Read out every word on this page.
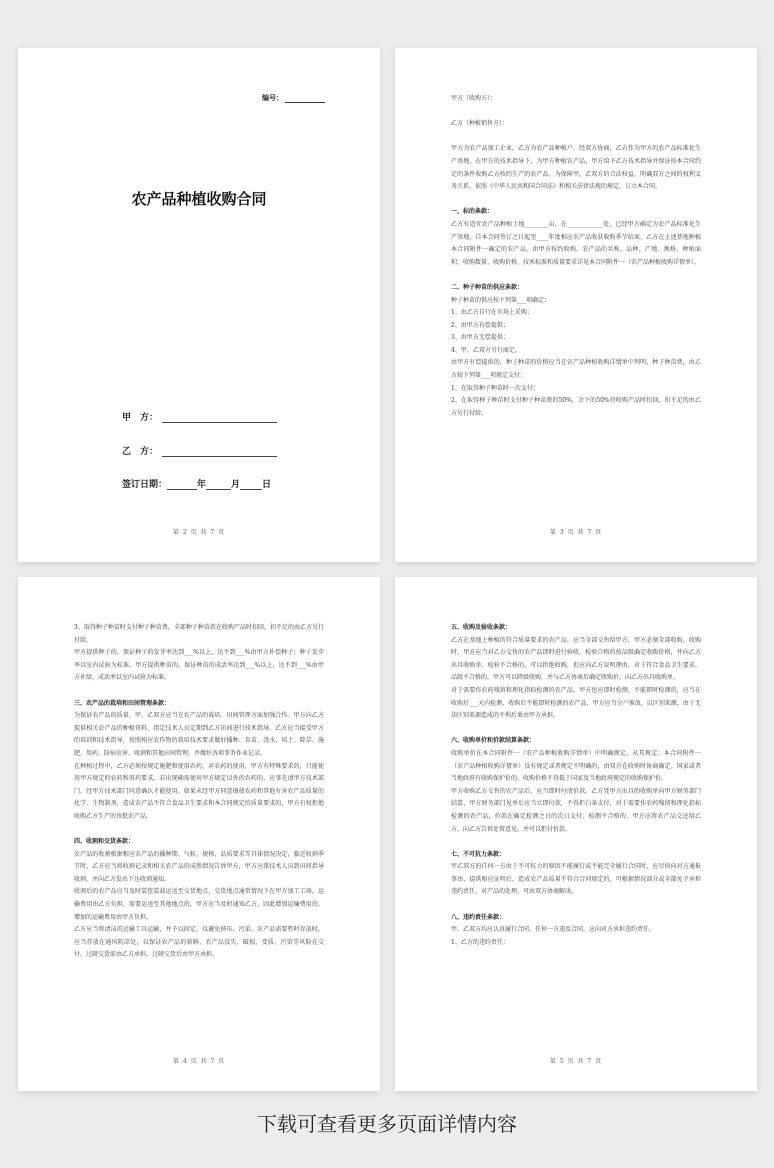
编号：
农产品种植收购合同
甲　方：
乙　方：
签订日期：	年	月 日
第 2 页 共 7 页

甲方（收购方）：

乙方（种植销售方）：

甲方为农产品加工企业，乙方为农产品种植户，经双方协商，乙方作为甲方的农产品标准化生产基地，在甲方的技术指导下，为甲方种植农产品，甲方给予乙方技术指导并保证按本合同约定的条件收购乙方按约生产的农产品。为保障甲、乙双方的合法权益，明确双方之间的权利义务关系，依照《中华人民共和国合同法》和相关法律法规的规定，订立本合同。

一、标的条款：

乙方有适宜农产品种植土地________亩，在____________处，已经甲方确定为农产品标准化生产基地。自本合同签订之日起至____年度相应农产品收获收购季节结束，乙方在上述基地种植本合同附件一确定的农产品，由甲方按约收购。农产品的名称、品种、产地、规格、种植面积、收购数量、收购价格、技术标准和质量要求详见本合同附件一（农产品种植收购详情单）。

二、种子种苗的供应条款：

种子种苗的供应按下列第___项确定：

1、由乙方自行在市场上采购；

2、由甲方有偿提供；

3、由甲方无偿提供；

4、甲、乙双方另行商定。

由甲方有偿提供的，种子种苗的价格应当在农产品种植收购详情单中列明，种子种苗费，由乙方按下列第___项规定支付：

1、在取得种子种苗时一次支付；

2、在取得种子种苗时支付种子种苗费的50%，余下的50%待收购产品时扣回，扣不足的由乙方另行付给。

第 3 页 共 7 页

3、取得种子种苗时支付种子种苗费，全部种子种苗款在收购产品时扣回，扣不足的由乙方另行付给。

甲方提供种子的，保证种子的发芽率达到___%以上，达不到___%由甲方补偿种子；种子发芽率以室内试验为标准。甲方提供种苗的，保证种苗的成活率达到___%以上，达不到___%由甲方补给，成活率以室内试验为标准。

三、农产品的栽培和田间管理条款：

为保证农产品的质量，甲、乙双方应当在农产品的栽培、田间管理方面加强合作。甲方向乙方提供相关农产品的种植资料，指定技术人员定期到乙方田间进行技术指导。乙方应当接受甲方的培训和技术指导，按照相应农作物的栽培技术要求做好播种、育苗、浇水、培土、除草、施肥、用药、防病虫害、收割和其他田间管理，并做好各项事务作业记录。

在种植过程中，乙方必须按规定施肥和使用农药，对农药的使用，甲方有特殊要求的，只能使用甲方规定的农药和用药要求。若出现确需使用甲方规定以外的农药的，应事先请甲方技术部门，经甲方技术部门同意确认才能使用。如果未经甲方同意擅使农药和其他有害农产品质量的化学、生物制剂，造成农产品不符合食品卫生要求和本合同规定的质量要求的，甲方有权拒绝收购乙方生产的该批农产品。

四、收割和交货条款：

农产品的收割根据相应农产品的播种期、气候、规格、品质要求等具体情况决定，临近收割季节时，乙方应当将收割记录和相关农产品的成熟情况告诉甲方，甲方应派技术人员到田间指导收割，并向乙方发出下达收割通知。

收割后的农产品应当及时装筐装载运送至交货地点，交货地点通常情况下在甲方加工工场，运输费用由乙方负担，需要运送至其他地点的，甲方应当及时通知乙方，因此增加运输费用的，增加的运输费用由甲方负担。

乙方应当将清洁的运输工具运输，并予以固定，以避免挤压、污染、农产品需要暂时存放时，应当存放在通风阴凉处，以保证农产品的新鲜、农产品没失、破损、变质、污染等风险在交付，过磅交货前由乙方承担，过磅交货后由甲方承担。

第 4 页 共 7 页

五、收购及验收条款：

乙方在基地上种植的符合质量要求的农产品，应当全部交售给甲方，甲方必须全部收购，收购时，甲方应当对乙方交售的农产品即时进行验收，检验合格的按品级确定收购价格，并向乙方出具收购单。检验不合格的，可以拒绝收购，但应向乙方说明理由，对于符合食品卫生要求，品级不合格的，甲方可以降级收购，并与乙方协商后确定收购价，向乙方出具收购单。

对于需要作农药残留和理化指标检测的农产品，甲方也应即时检测，不能即时检测的，应当在收购后___天内检测，收购后不能即时检测的农产品，甲方应当分户堆放，以区别来源，由于无法区别来源造成的不利后果由甲方承担。

六、收购单价和价款结算条款：

收购单价在本合同附件一（农产品种植收购详情单）中明确规定，从其规定：本合同附件一（农产品种植收购详情单）没有规定或者规定不明确的，由双方在收购时协商确定。国家或者当地政府有收购保护价的，收购价格不得低于国家及当地政府规定的收购保护价。

甲方收购乙方交售的农产品后，应当即时付清价款。乙方凭甲方出具的收购单向甲方财务部门结算，甲方财务部门见单后应当立即付款，不得拒白条支付，对于需要作农药残留和理化指标检测的农产品，价款在确定检测之日的次日支付；检测不合格的，甲方应将农产品交还给乙方，向乙方告诉处置意见，并可以拒付价款。

七、不可抗力条款：

甲乙双方的任何一方由于不可抗力的原因不能履行或不能完全履行合同时，应尽快向对方通报事由，提供相应证明后，造成农产品质量不符合合同规定的，可根据情况部分或全部免予承担违约责任，对产品的处理，可由双方协商解决。

八、违约责任条款：

甲、乙双方均应认真履行合同，任何一方违反合同，应向对方承担违约责任。

1、乙方的违约责任：

第 5 页 共 7 页
下载可查看更多页面详情内容
